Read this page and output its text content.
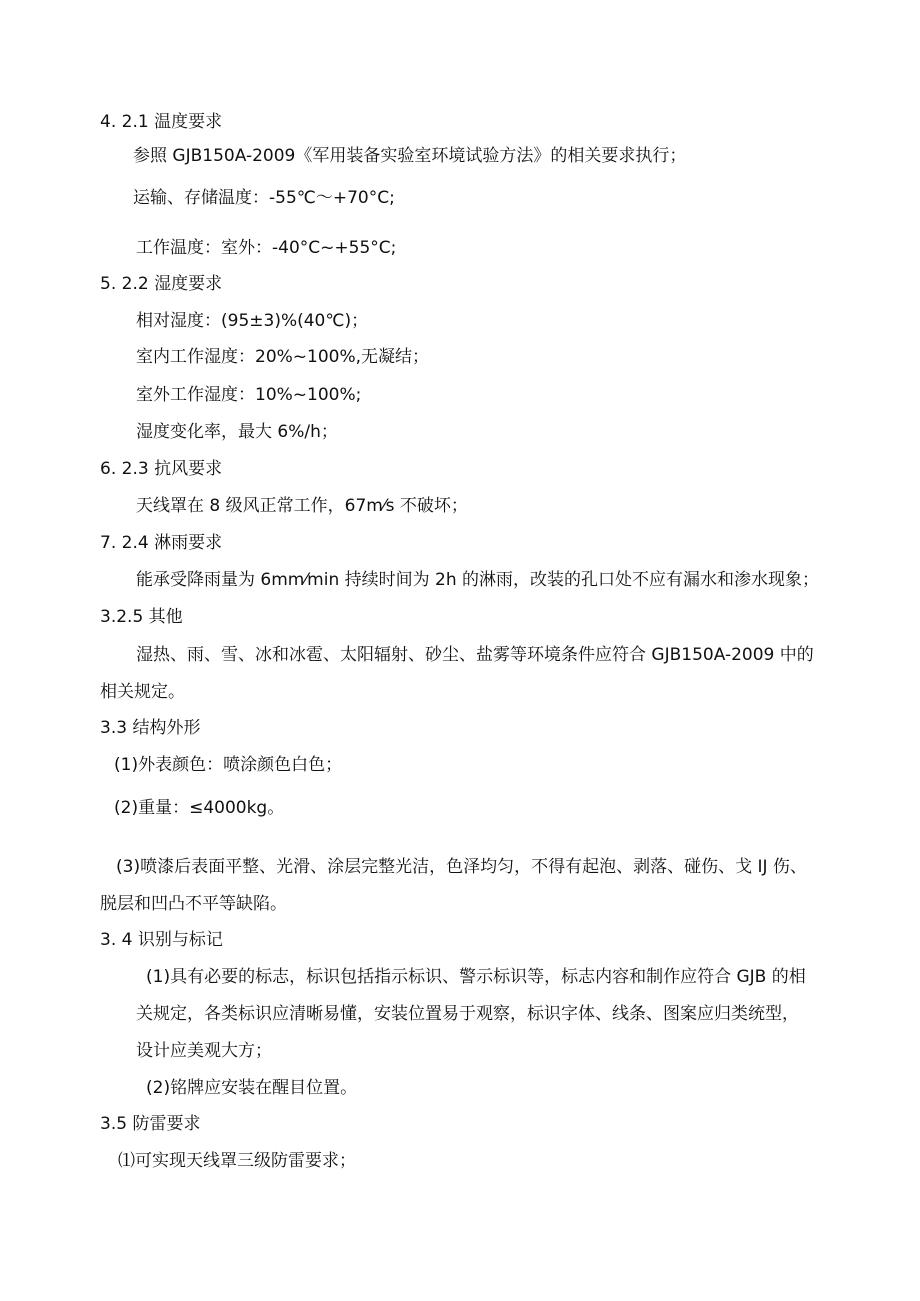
4. 2.1 温度要求
参照 GJB150A-2009《军用装备实验室环境试验方法》的相关要求执行；
运输、存储温度：-55℃～+70°C;
工作温度：室外：-40°C~+55°C;
5. 2.2 湿度要求
相对湿度：(95±3)%(40℃)；
室内工作湿度：20%~100%,无凝结；
室外工作湿度：10%~100%;
湿度变化率，最大 6%/h；
6. 2.3 抗风要求
天线罩在 8 级风正常工作，67m⁄s 不破坏；
7. 2.4 淋雨要求
能承受降雨量为 6mm⁄min 持续时间为 2h 的淋雨，改装的孔口处不应有漏水和渗水现象；
3.2.5 其他
湿热、雨、雪、冰和冰雹、太阳辐射、砂尘、盐雾等环境条件应符合 GJB150A-2009 中的
相关规定。
3.3 结构外形
(1)外表颜色：喷涂颜色白色；
(2)重量：≤4000kg。
(3)喷漆后表面平整、光滑、涂层完整光洁，色泽均匀，不得有起泡、剥落、碰伤、戈 IJ 伤、
脱层和凹凸不平等缺陷。
3. 4 识别与标记
(1)具有必要的标志，标识包括指示标识、警示标识等，标志内容和制作应符合 GJB 的相
关规定，各类标识应清晰易懂，安装位置易于观察，标识字体、线条、图案应归类统型，
设计应美观大方；
(2)铭牌应安装在醒目位置。
3.5 防雷要求
⑴可实现天线罩三级防雷要求；
